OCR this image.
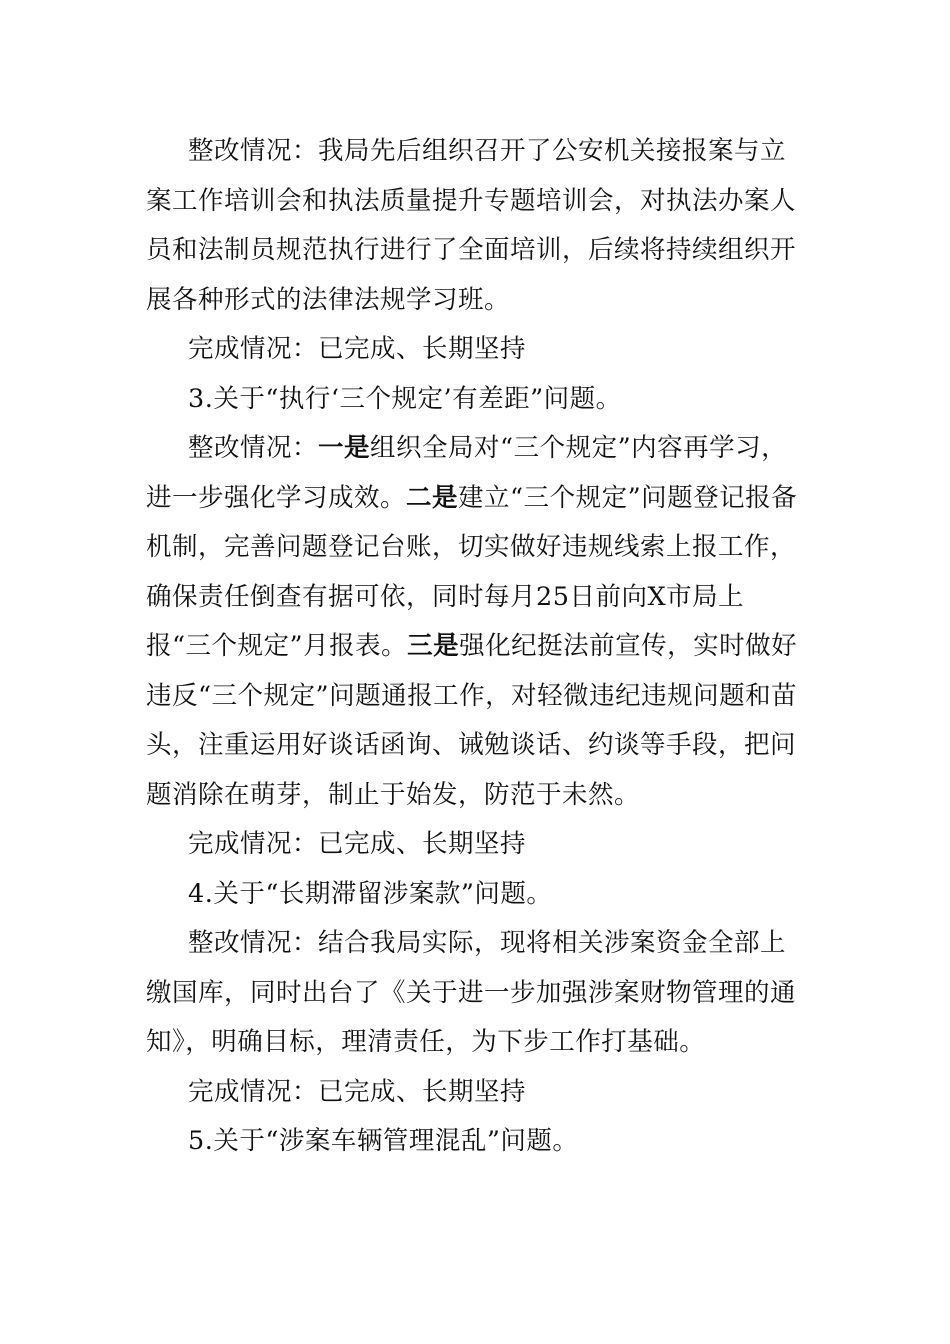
整改情况：我局先后组织召开了公安机关接报案与立案工作培训会和执法质量提升专题培训会，对执法办案人员和法制员规范执行进行了全面培训，后续将持续组织开展各种形式的法律法规学习班。

完成情况：已完成、长期坚持

3.关于“执行‘三个规定’有差距”问题。

整改情况：一是组织全局对“三个规定”内容再学习，进一步强化学习成效。二是建立“三个规定”问题登记报备机制，完善问题登记台账，切实做好违规线索上报工作，确保责任倒查有据可依，同时每月25日前向X市局上报“三个规定”月报表。三是强化纪挺法前宣传，实时做好违反“三个规定”问题通报工作，对轻微违纪违规问题和苗头，注重运用好谈话函询、诫勉谈话、约谈等手段，把问题消除在萌芽，制止于始发，防范于未然。

完成情况：已完成、长期坚持

4.关于“长期滞留涉案款”问题。

整改情况：结合我局实际，现将相关涉案资金全部上缴国库，同时出台了《关于进一步加强涉案财物管理的通知》，明确目标，理清责任，为下步工作打基础。

完成情况：已完成、长期坚持

5.关于“涉案车辆管理混乱”问题。
